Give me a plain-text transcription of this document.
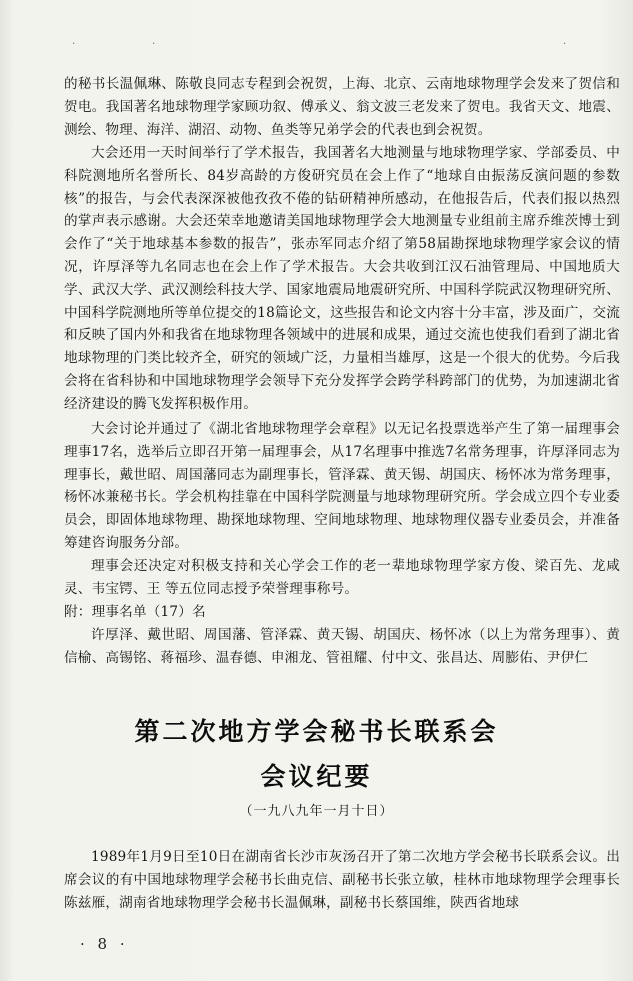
·	·	·

的秘书长温佩琳、陈敬良同志专程到会祝贺，上海、北京、云南地球物理学会发来了贺信和贺电。我国著名地球物理学家顾功叙、傅承义、翁文波三老发来了贺电。我省天文、地震、测绘、物理、海洋、湖沼、动物、鱼类等兄弟学会的代表也到会祝贺。

大会还用一天时间举行了学术报告，我国著名大地测量与地球物理学家、学部委员、中科院测地所名誉所长、84岁高龄的方俊研究员在会上作了“地球自由振荡反演问题的参数核”的报告，与会代表深深被他孜孜不倦的钻研精神所感动，在他报告后，代表们报以热烈的掌声表示感谢。大会还荣幸地邀请美国地球物理学会大地测量专业组前主席乔维茨博士到会作了“关于地球基本参数的报告”，张赤军同志介绍了第58届勘探地球物理学家会议的情况，许厚泽等九名同志也在会上作了学术报告。大会共收到江汉石油管理局、中国地质大学、武汉大学、武汉测绘科技大学、国家地震局地震研究所、中国科学院武汉物理研究所、中国科学院测地所等单位提交的18篇论文，这些报告和论文内容十分丰富，涉及面广，交流和反映了国内外和我省在地球物理各领域中的进展和成果，通过交流也使我们看到了湖北省地球物理的门类比较齐全，研究的领域广泛，力量相当雄厚，这是一个很大的优势。今后我会将在省科协和中国地球物理学会领导下充分发挥学会跨学科跨部门的优势，为加速湖北省经济建设的腾飞发挥积极作用。

大会讨论并通过了《湖北省地球物理学会章程》以无记名投票选举产生了第一届理事会理事17名，选举后立即召开第一届理事会，从17名理事中推选7名常务理事，许厚泽同志为理事长，戴世昭、周国藩同志为副理事长，管泽霖、黄天锡、胡国庆、杨怀冰为常务理事，杨怀冰兼秘书长。学会机构挂靠在中国科学院测量与地球物理研究所。学会成立四个专业委员会，即固体地球物理、勘探地球物理、空间地球物理、地球物理仪器专业委员会，并准备筹建咨询服务分部。

理事会还决定对积极支持和关心学会工作的老一辈地球物理学家方俊、梁百先、龙咸灵、韦宝锷、王 等五位同志授予荣誉理事称号。

附：理事名单（17）名

许厚泽、戴世昭、周国藩、管泽霖、黄天锡、胡国庆、杨怀冰（以上为常务理事）、黄信榆、高锡铭、蒋福珍、温春德、申湘龙、管祖耀、付中文、张昌达、周膨佑、尹伊仁

第二次地方学会秘书长联系会
会议纪要
（一九八九年一月十日）

1989年1月9日至10日在湖南省长沙市灰汤召开了第二次地方学会秘书长联系会议。出席会议的有中国地球物理学会秘书长曲克信、副秘书长张立敏，桂林市地球物理学会理事长陈兹雁，湖南省地球物理学会秘书长温佩琳，副秘书长蔡国维，陕西省地球

· 8 ·
